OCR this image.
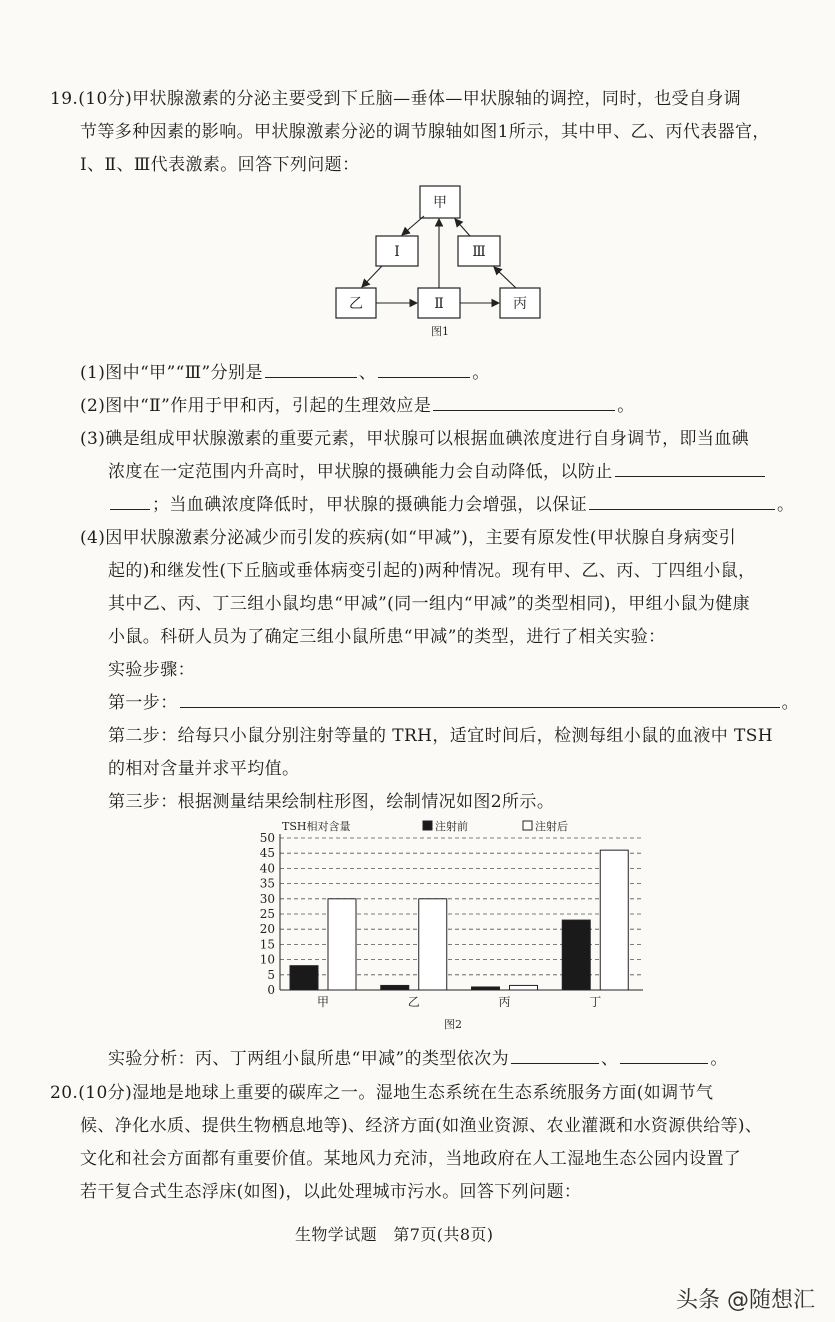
19.(10分)甲状腺激素的分泌主要受到下丘脑—垂体—甲状腺轴的调控，同时，也受自身调
节等多种因素的影响。甲状腺激素分泌的调节腺轴如图1所示，其中甲、乙、丙代表器官，
Ⅰ、Ⅱ、Ⅲ代表激素。回答下列问题：
甲
Ⅰ	Ⅲ
乙	Ⅱ	丙
图1
(1)图中“甲”“Ⅲ”分别是	、	。
(2)图中“Ⅱ”作用于甲和丙，引起的生理效应是	。
(3)碘是组成甲状腺激素的重要元素，甲状腺可以根据血碘浓度进行自身调节，即当血碘
浓度在一定范围内升高时，甲状腺的摄碘能力会自动降低，以防止
；当血碘浓度降低时，甲状腺的摄碘能力会增强，以保证	。
(4)因甲状腺激素分泌减少而引发的疾病(如“甲减”)，主要有原发性(甲状腺自身病变引
起的)和继发性(下丘脑或垂体病变引起的)两种情况。现有甲、乙、丙、丁四组小鼠，
其中乙、丙、丁三组小鼠均患“甲减”(同一组内“甲减”的类型相同)，甲组小鼠为健康
小鼠。科研人员为了确定三组小鼠所患“甲减”的类型，进行了相关实验：
实验步骤：
第一步：	。
第二步：给每只小鼠分别注射等量的 TRH，适宜时间后，检测每组小鼠的血液中 TSH
的相对含量并求平均值。
第三步：根据测量结果绘制柱形图，绘制情况如图2所示。
0
5
10
15
20
25
30
35
40
45
50
TSH相对含量	注射前	注射后
甲	乙	丙	丁
图2
实验分析：丙、丁两组小鼠所患“甲减”的类型依次为	、	。
20.(10分)湿地是地球上重要的碳库之一。湿地生态系统在生态系统服务方面(如调节气
候、净化水质、提供生物栖息地等)、经济方面(如渔业资源、农业灌溉和水资源供给等)、
文化和社会方面都有重要价值。某地风力充沛，当地政府在人工湿地生态公园内设置了
若干复合式生态浮床(如图)，以此处理城市污水。回答下列问题：
生物学试题　第7页(共8页)
头条 @随想汇
